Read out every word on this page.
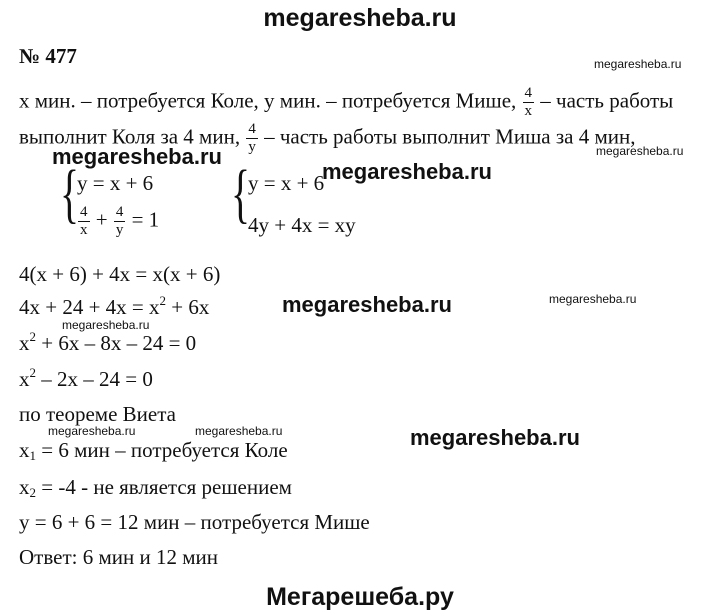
megaresheba.ru
№ 477	megaresheba.ru
x мин. – потребуется Коле, y мин. – потребуется Мише, $\frac{4}{x}$ – часть работы
выполнит Коля за 4 мин, $\frac{4}{y}$ – часть работы выполнит Миша за 4 мин,
megaresheba.ru
megaresheba.ru
{
y = x + 6
$\frac{4}{x} + \frac{4}{y} = 1$ {
y = x + 6
megaresheba.ru
4y + 4x = xy
4(x + 6) + 4x = x(x + 6)
$4x + 24 + 4x = x^2 + 6x$	megaresheba.ru	megaresheba.ru
megaresheba.ru
$x^2 + 6x - 8x - 24 = 0$
$x^2 - 2x - 24 = 0$
по теореме Виета
megaresheba.ru	megaresheba.ru	megaresheba.ru
$x_1 = 6$ мин – потребуется Коле
$x_2 = -4$ - не является решением
y = 6 + 6 = 12 мин – потребуется Мише
Ответ: 6 мин и 12 мин
Мегарешеба.ру
